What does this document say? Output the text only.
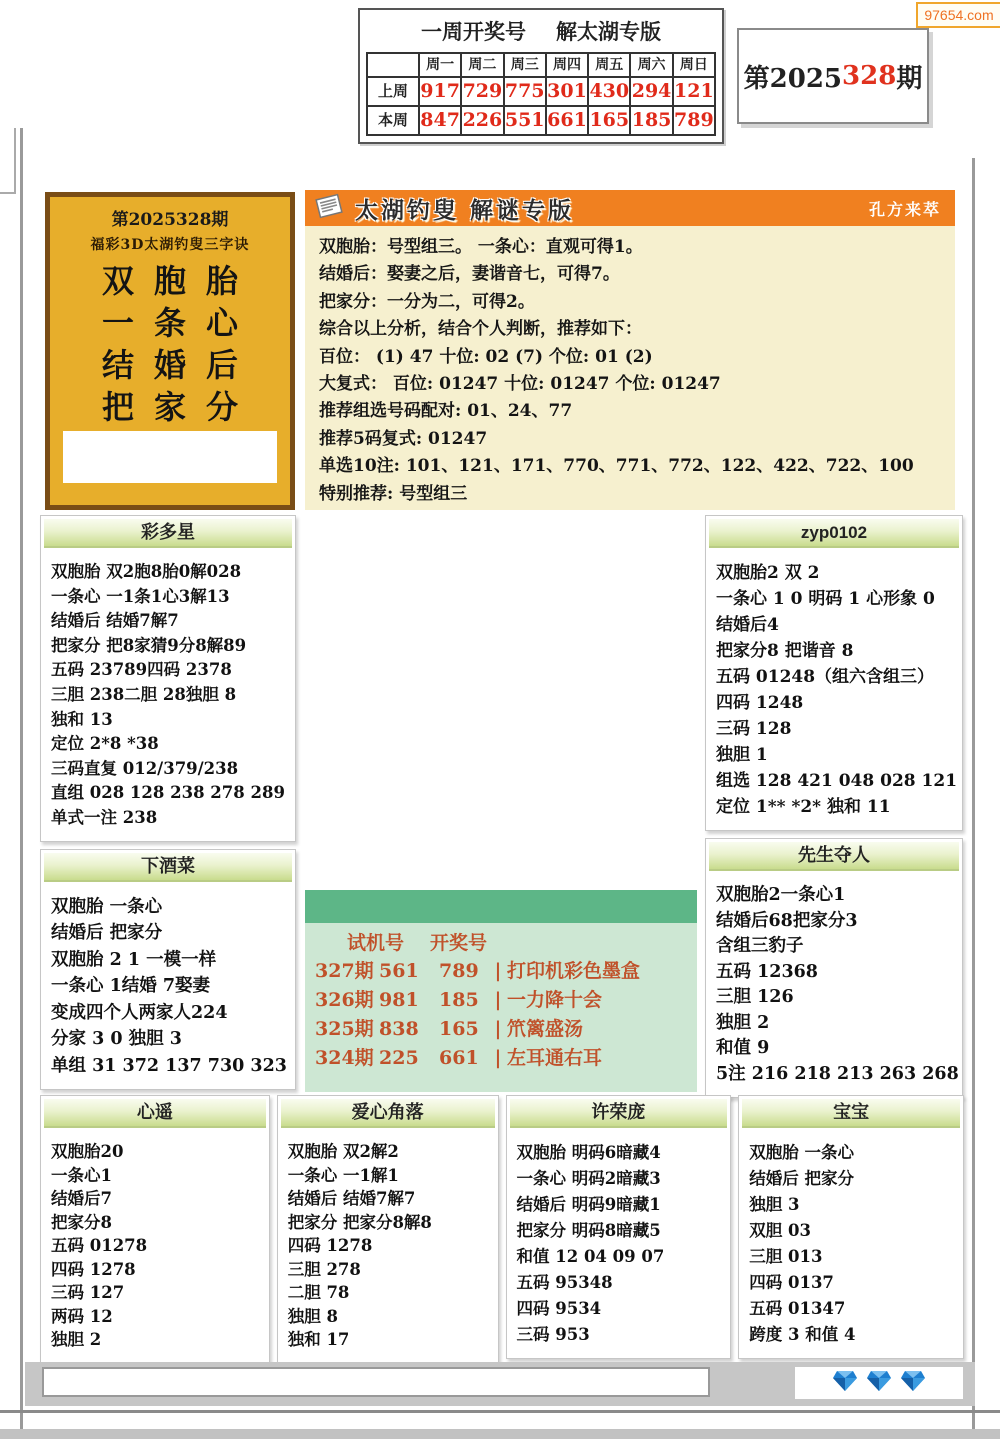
97654.com
一周开奖号 解太湖专版
周一	周二	周三	周四	周五	周六	周日
上周 917 729 775 301 430 294 121
本周 847 226 551 661 165 185 789
第2025 328 期
第2025328期
福彩3D太湖钓叟三字诀
双胞胎
一条心
结婚后
把家分
太湖钓叟 解谜专版	孔方来萃
双胞胎：号型组三。 一条心：直观可得1。
结婚后：娶妻之后，妻谐音七，可得7。
把家分：一分为二，可得2。
综合以上分析，结合个人判断，推荐如下：
百位： (1) 47 十位: 02 (7) 个位: 01 (2)
大复式： 百位: 01247 十位: 01247 个位: 01247
推荐组选号码配对: 01、24、77
推荐5码复式: 01247
单选10注: 101、121、171、770、771、772、122、422、722、100
特别推荐: 号型组三
彩多星
双胞胎 双2胞8胎0解028
一条心 一1条1心3解13
结婚后 结婚7解7
把家分 把8家猜9分8解89
五码 23789四码 2378
三胆 238二胆 28独胆 8
独和 13
定位 2*8 *38
三码直复 012/379/238
直组 028 128 238 278 289
单式一注 238
下酒菜
双胞胎 一条心
结婚后 把家分
双胞胎 2 1 一模一样
一条心 1结婚 7娶妻
变成四个人两家人224
分家 3 0 独胆 3
单组 31 372 137 730 323
zyp0102
双胞胎2 双 2
一条心 1 0 明码 1 心形象 0
结婚后4
把家分8 把谐音 8
五码 01248（组六含组三）
四码 1248
三码 128
独胆 1
组选 128 421 048 028 121
定位 1** *2* 独和 11
先生夺人
双胞胎2一条心1
结婚后68把家分3
含组三豹子
五码 12368
三胆 126
独胆 2
和值 9
5注 216 218 213 263 268
试机号 开奖号
327期 561	789 | 打印机彩色墨盒
326期 981	185 | 一力降十会
325期 838	165 | 笊篱盛汤
324期 225	661 | 左耳通右耳
心遥
双胞胎20
一条心1
结婚后7
把家分8
五码 01278
四码 1278
三码 127
两码 12
独胆 2
爱心角落
双胞胎 双2解2
一条心 一1解1
结婚后 结婚7解7
把家分 把家分8解8
四码 1278
三胆 278
二胆 78
独胆 8
独和 17
许荣庞
双胞胎 明码6暗藏4
一条心 明码2暗藏3
结婚后 明码9暗藏1
把家分 明码8暗藏5
和值 12 04 09 07
五码 95348
四码 9534
三码 953
宝宝
双胞胎 一条心
结婚后 把家分
独胆 3
双胆 03
三胆 013
四码 0137
五码 01347
跨度 3 和值 4
